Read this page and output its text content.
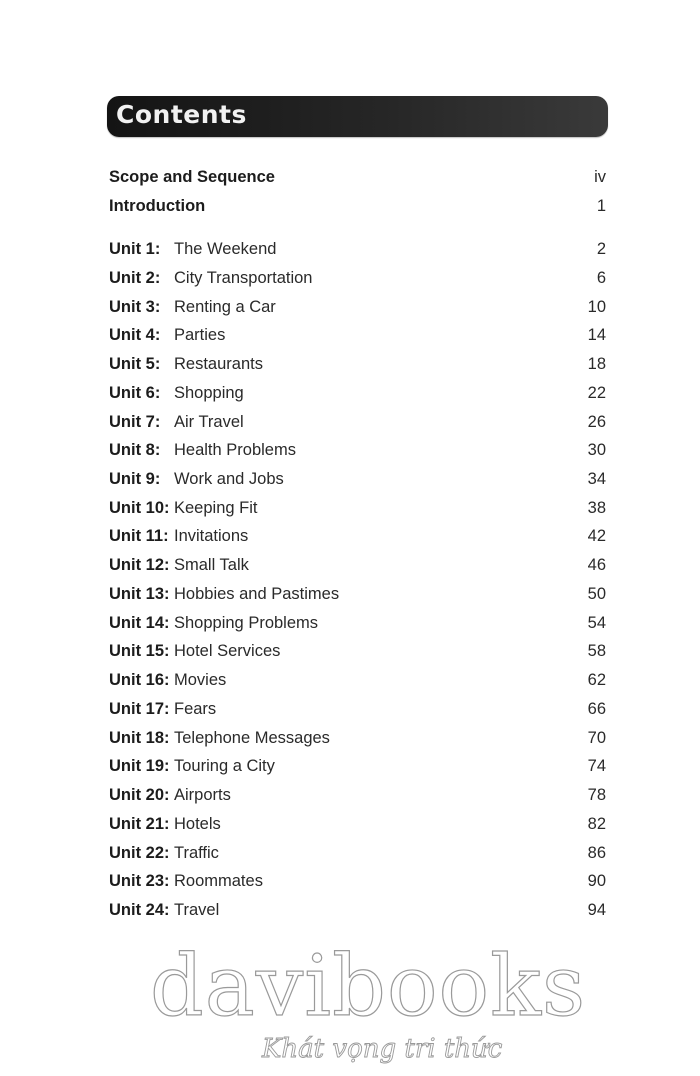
Contents
Scope and Sequence	iv
Introduction	1
Unit 1: The Weekend	2
Unit 2: City Transportation	6
Unit 3: Renting a Car	10
Unit 4: Parties	14
Unit 5: Restaurants	18
Unit 6: Shopping	22
Unit 7: Air Travel	26
Unit 8: Health Problems	30
Unit 9: Work and Jobs	34
Unit 10: Keeping Fit	38
Unit 11: Invitations	42
Unit 12: Small Talk	46
Unit 13: Hobbies and Pastimes	50
Unit 14: Shopping Problems	54
Unit 15: Hotel Services	58
Unit 16: Movies	62
Unit 17: Fears	66
Unit 18: Telephone Messages	70
Unit 19: Touring a City	74
Unit 20: Airports	78
Unit 21: Hotels	82
Unit 22: Traffic	86
Unit 23: Roommates	90
Unit 24: Travel	94
davibooks
Khát vọng tri thức
